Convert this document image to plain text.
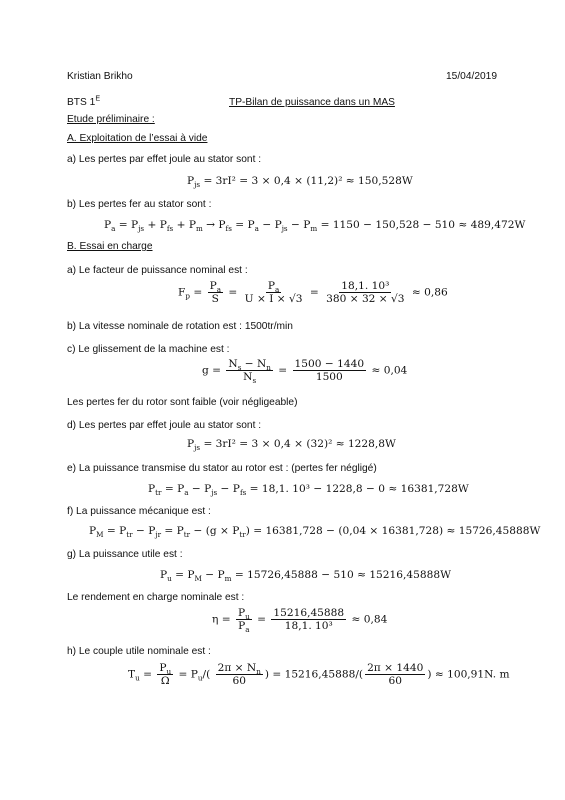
Kristian Brikho	15/04/2019
BTS $1^E$	TP-Bilan de puissance dans un MAS
Etude préliminaire :
A. Exploitation de l’essai à vide
a) Les pertes par effet joule au stator sont :
$P_{js} = 3rI^2 = 3 \times 0,4 \times (11,2)^2 \approx 150,528W$
b) Les pertes fer au stator sont :
$P_a = P_{js} + P_{fs} + P_m \to P_{fs} = P_a - P_{js} - P_m = 1150 - 150,528 - 510 \approx 489,472W$
B. Essai en charge
a) Le facteur de puissance nominal est :
$F_p = \frac{P_a}{S} = \frac{P_a}{U \times I \times √3} = \frac{\text{18,1. 10³}}{380 \times 32 \times √3} \approx 0,86$
b) La vitesse nominale de rotation est : 1500tr/min
c) Le glissement de la machine est :
$g = \frac{N_s - N_n}{N_s} = \frac{1500 - 1440}{1500} \approx 0,04$
Les pertes fer du rotor sont faible (voir négligeable)
d) Les pertes par effet joule au stator sont :
$P_{js} = 3rI^2 = 3 \times 0,4 \times (32)^2 \approx 1228,8W$
e) La puissance transmise du stator au rotor est : (pertes fer négligé)
$P_{tr} = P_a - P_{js} - P_{fs} = 18,1$. 10³ − 1228,8 − 0 ≈ 16381,728W
f) La puissance mécanique est :
$P_M = P_{tr} - P_{jr} = P_{tr} - (g \times P_{tr}) = 16381,728 - (0,04 \times 16381,728) \approx 15726,45888W$
g) La puissance utile est :
$P_u = P_M - P_m = 15726,45888 - 510 \approx 15216,45888W$
Le rendement en charge nominale est :
$\eta = \frac{P_u}{P_a} = \frac{15216,45888}{\text{18,1. 10³}} \approx 0,84$
h) Le couple utile nominale est :
$T_u = \frac{P_u}{\Omega} = P_u/( \frac{2\pi \times N_n}{60}$ ) = $15216,45888/( \frac{2\pi \times 1440}{60}$ ) ≈ 100,91N. m
